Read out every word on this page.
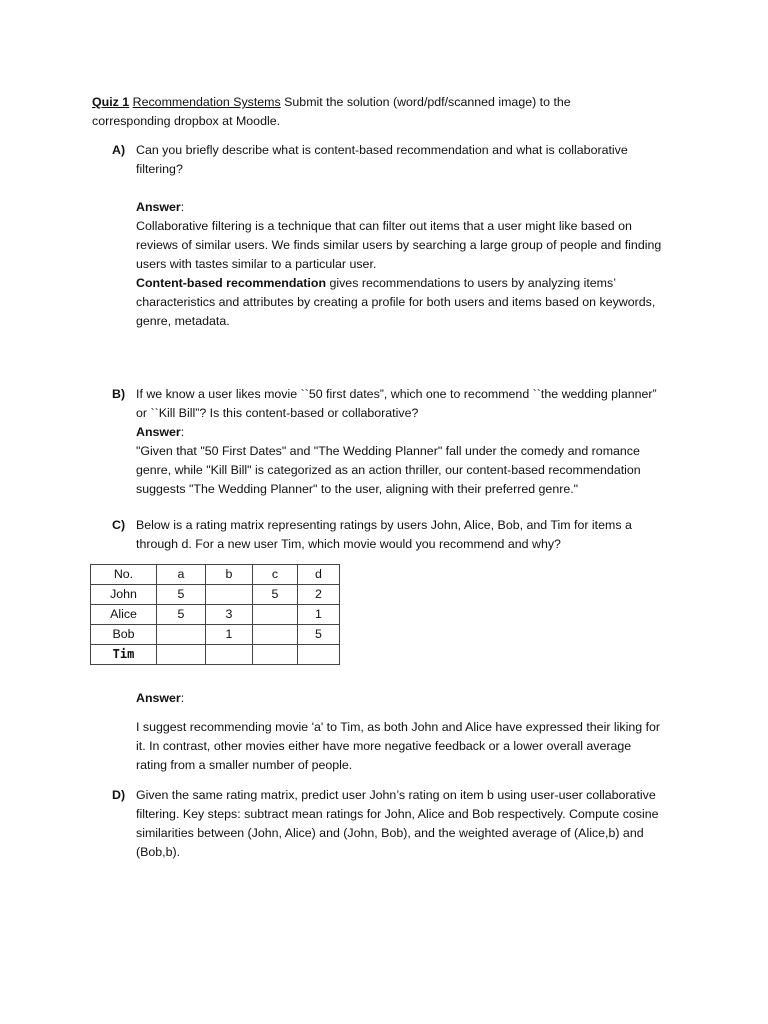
Quiz 1 Recommendation Systems Submit the solution (word/pdf/scanned image) to the
corresponding dropbox at Moodle.
A) Can you briefly describe what is content-based recommendation and what is collaborative
filtering?
Answer:
Collaborative filtering is a technique that can filter out items that a user might like based on
reviews of similar users. We finds similar users by searching a large group of people and finding
users with tastes similar to a particular user.
Content-based recommendation gives recommendations to users by analyzing items’
characteristics and attributes by creating a profile for both users and items based on keywords,
genre, metadata.
B) If we know a user likes movie ``50 first dates”, which one to recommend ``the wedding planner”
or ``Kill Bill”? Is this content-based or collaborative?
Answer:
"Given that "50 First Dates" and "The Wedding Planner" fall under the comedy and romance
genre, while "Kill Bill" is categorized as an action thriller, our content-based recommendation
suggests "The Wedding Planner" to the user, aligning with their preferred genre."
C) Below is a rating matrix representing ratings by users John, Alice, Bob, and Tim for items a
through d. For a new user Tim, which movie would you recommend and why?
No.	a	b	c	d
John	5		5	2
Alice	5	3		1
Bob		1		5
Tim				
Answer:
I suggest recommending movie 'a' to Tim, as both John and Alice have expressed their liking for
it. In contrast, other movies either have more negative feedback or a lower overall average
rating from a smaller number of people.
D) Given the same rating matrix, predict user John’s rating on item b using user-user collaborative
filtering. Key steps: subtract mean ratings for John, Alice and Bob respectively. Compute cosine
similarities between (John, Alice) and (John, Bob), and the weighted average of (Alice,b) and
(Bob,b).
